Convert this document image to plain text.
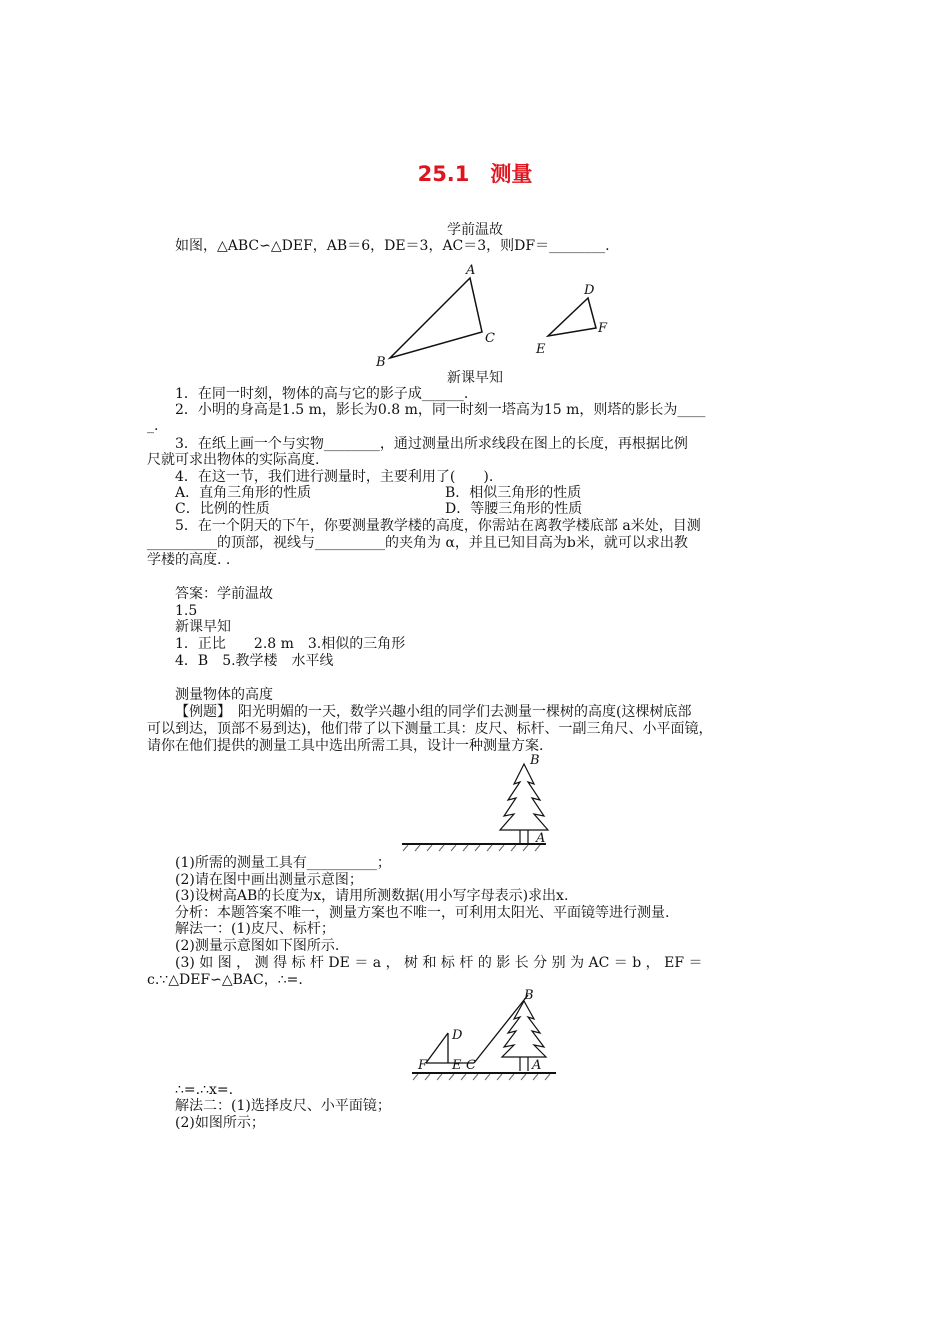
25.1　测量
学前温故
如图，△ABC∽△DEF，AB＝6，DE＝3，AC＝3，则DF＝________.
A
B
C
D
E
F
新课早知
1．在同一时刻，物体的高与它的影子成______.
2．小明的身高是1.5 m，影长为0.8 m，同一时刻一塔高为15 m，则塔的影长为____
_.
3．在纸上画一个与实物________，通过测量出所求线段在图上的长度，再根据比例
尺就可求出物体的实际高度.
4．在这一节，我们进行测量时，主要利用了(　　).
A．直角三角形的性质	B．相似三角形的性质
C．比例的性质	D．等腰三角形的性质
5．在一个阴天的下午，你要测量教学楼的高度，你需站在离教学楼底部 a米处，目测
__________的顶部，视线与__________的夹角为 α，并且已知目高为b米，就可以求出教
学楼的高度. .
答案：学前温故
1.5
新课早知
1．正比　　2.8 m　3.相似的三角形
4．B　5.教学楼　水平线
测量物体的高度
【例题】　阳光明媚的一天，数学兴趣小组的同学们去测量一棵树的高度(这棵树底部
可以到达，顶部不易到达)，他们带了以下测量工具：皮尺、标杆、一副三角尺、小平面镜，
请你在他们提供的测量工具中选出所需工具，设计一种测量方案.
B
A
(1)所需的测量工具有__________；
(2)请在图中画出测量示意图；
(3)设树高AB的长度为x，请用所测数据(用小写字母表示)求出x.
分析：本题答案不唯一，测量方案也不唯一，可利用太阳光、平面镜等进行测量.
解法一：(1)皮尺、标杆；
(2)测量示意图如下图所示.
(3) 如 图 ， 测 得 标 杆 DE ＝ a ， 树 和 标 杆 的 影 长 分 别 为 AC ＝ b ， EF ＝
c.∵△DEF∽△BAC，∴=.
B
D
F E C	A
∴=.∴x=.
解法二：(1)选择皮尺、小平面镜；
(2)如图所示；
